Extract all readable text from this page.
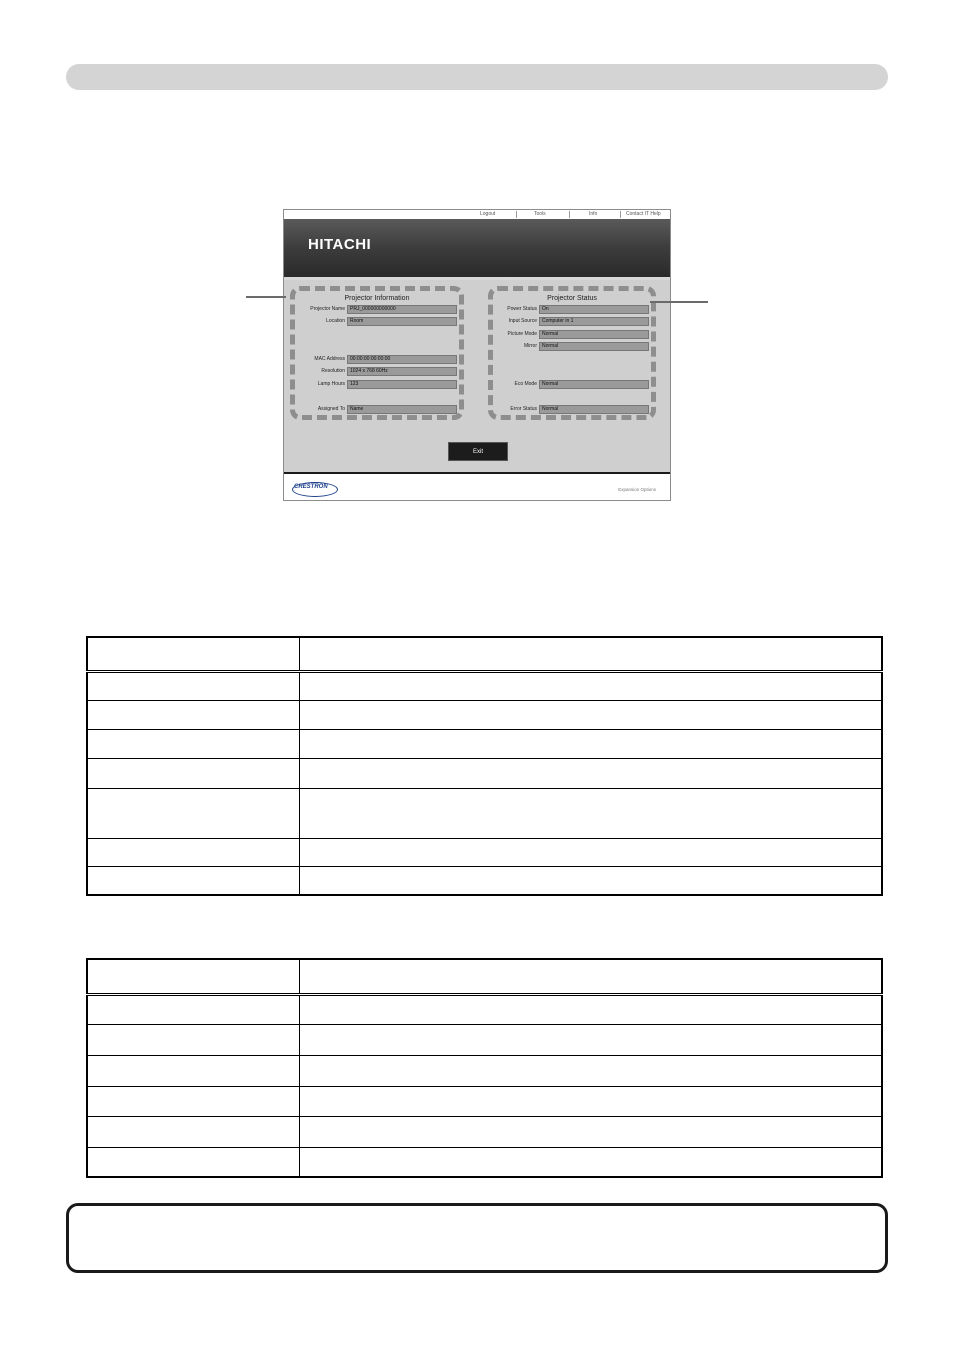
Logout	Tools	Info	Contact IT Help
HITACHI
Projector Information
Projector Name	PRJ_000000000000
Location	Room
MAC Address	00:00:00:00:00:00
Resolution	1024 x 768 60Hz
Lamp Hours	123
Assigned To	Name
Projector Status
Power Status	On
Input Source	Computer in 1
Picture Mode	Normal
Mirror	Normal
Eco Mode	Normal
Error Status	Normal
Exit
CRESTRON	Expansion Options
